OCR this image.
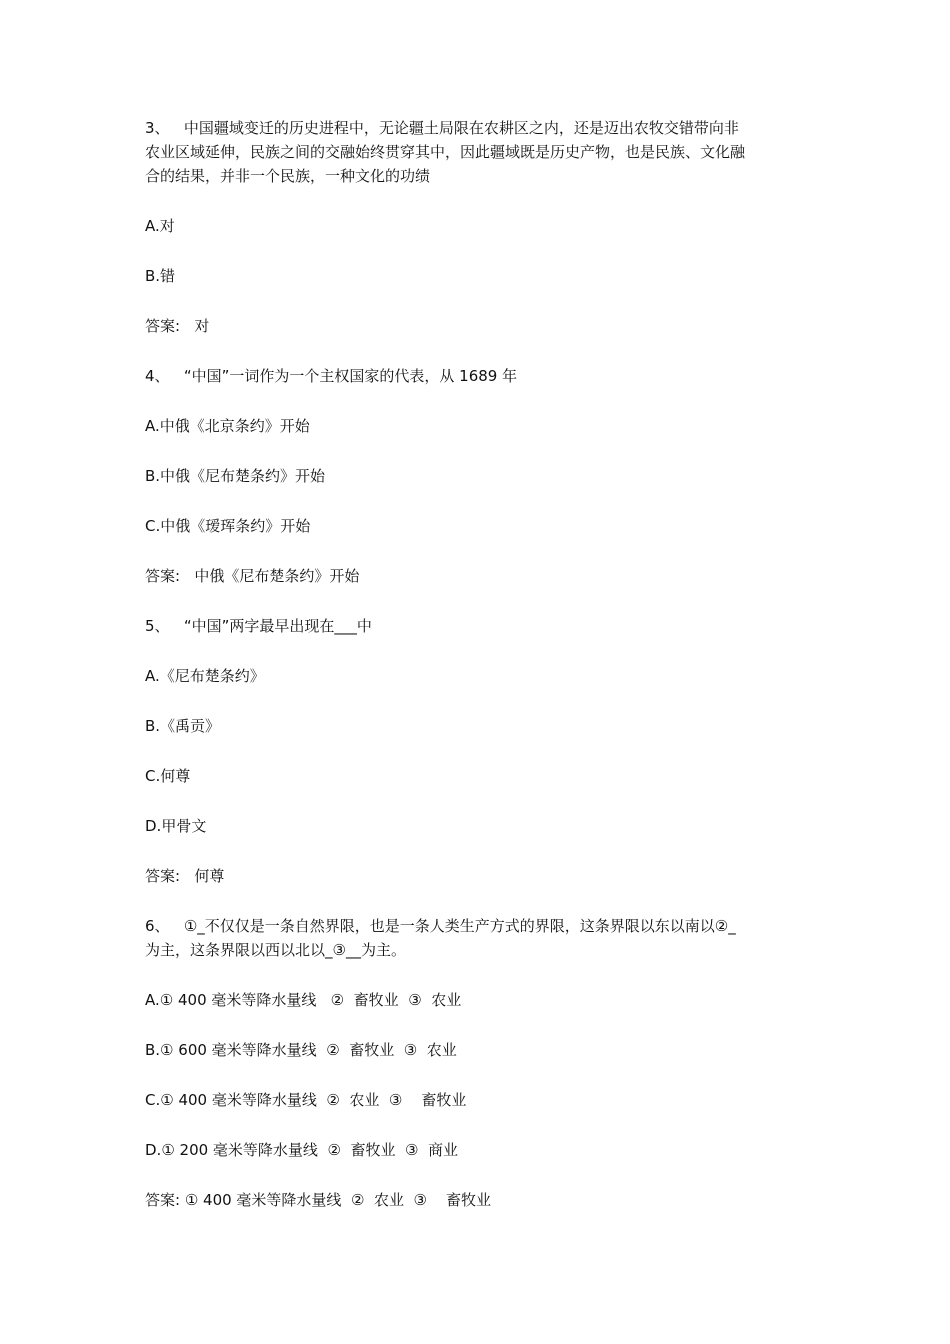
3、   中国疆域变迁的历史进程中，无论疆土局限在农耕区之内，还是迈出农牧交错带向非

农业区域延伸，民族之间的交融始终贯穿其中，因此疆域既是历史产物，也是民族、文化融

合的结果，并非一个民族，一种文化的功绩

A.对

B.错

答案:   对

4、   “中国”一词作为一个主权国家的代表，从 1689 年

A.中俄《北京条约》开始

B.中俄《尼布楚条约》开始

C.中俄《瑷珲条约》开始

答案:   中俄《尼布楚条约》开始

5、   “中国”两字最早出现在___中

A.《尼布楚条约》

B.《禹贡》

C.何尊

D.甲骨文

答案:   何尊

6、   ①_不仅仅是一条自然界限，也是一条人类生产方式的界限，这条界限以东以南以②_

为主，这条界限以西以北以_③__为主。

A.① 400 毫米等降水量线   ②  畜牧业  ③  农业

B.① 600 毫米等降水量线  ②  畜牧业  ③  农业

C.① 400 毫米等降水量线  ②  农业  ③    畜牧业

D.① 200 毫米等降水量线  ②  畜牧业  ③  商业

答案: ① 400 毫米等降水量线  ②  农业  ③    畜牧业
